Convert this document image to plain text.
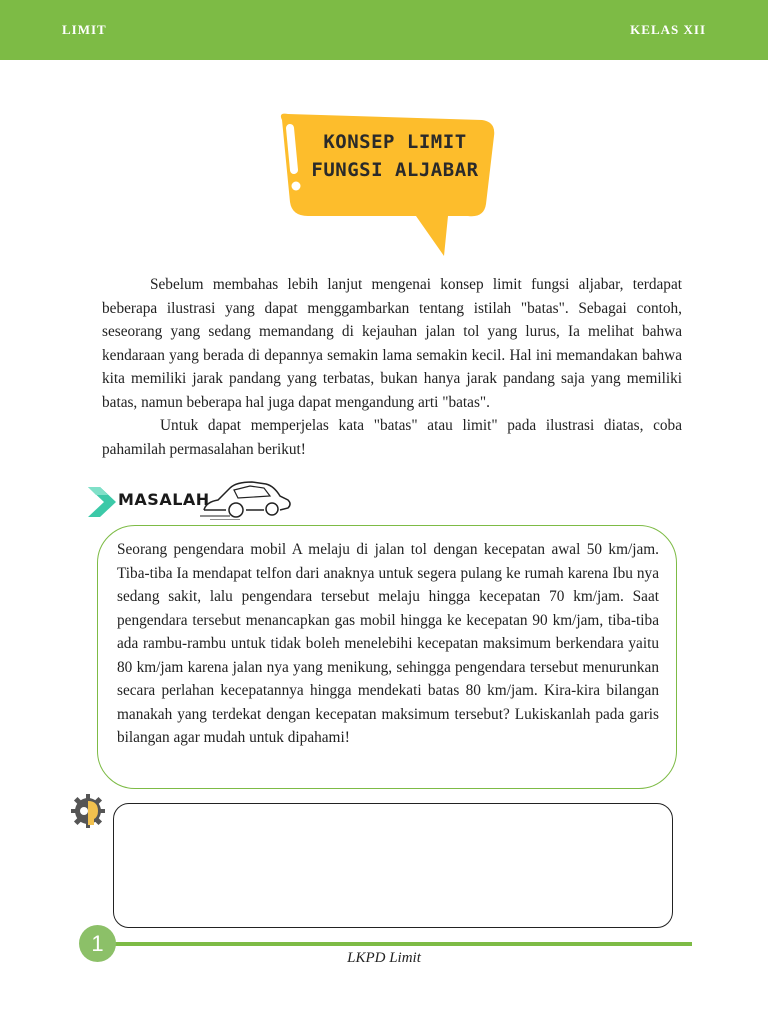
LIMIT	KELAS XII
KONSEP LIMIT
FUNGSI ALJABAR

Sebelum membahas lebih lanjut mengenai konsep limit fungsi aljabar, terdapat beberapa ilustrasi yang dapat menggambarkan tentang istilah "batas". Sebagai contoh, seseorang yang sedang memandang di kejauhan jalan tol yang lurus, Ia melihat bahwa kendaraan yang berada di depannya semakin lama semakin kecil. Hal ini memandakan bahwa kita memiliki jarak pandang yang terbatas, bukan hanya jarak pandang saja yang memiliki batas, namun beberapa hal juga dapat mengandung arti "batas".

Untuk dapat memperjelas kata "batas" atau limit" pada ilustrasi diatas, coba pahamilah permasalahan berikut!

MASALAH
Seorang pengendara mobil A melaju di jalan tol dengan kecepatan awal 50 km/jam. Tiba-tiba Ia mendapat telfon dari anaknya untuk segera pulang ke rumah karena Ibu nya sedang sakit, lalu pengendara tersebut melaju hingga kecepatan 70 km/jam. Saat pengendara tersebut menancapkan gas mobil hingga ke kecepatan 90 km/jam, tiba-tiba ada rambu-rambu untuk tidak boleh menelebihi kecepatan maksimum berkendara yaitu 80 km/jam karena jalan nya yang menikung, sehingga pengendara tersebut menurunkan secara perlahan kecepatannya hingga mendekati batas 80 km/jam. Kira-kira bilangan manakah yang terdekat dengan kecepatan maksimum tersebut? Lukiskanlah pada garis bilangan agar mudah untuk dipahami!
1
LKPD Limit
